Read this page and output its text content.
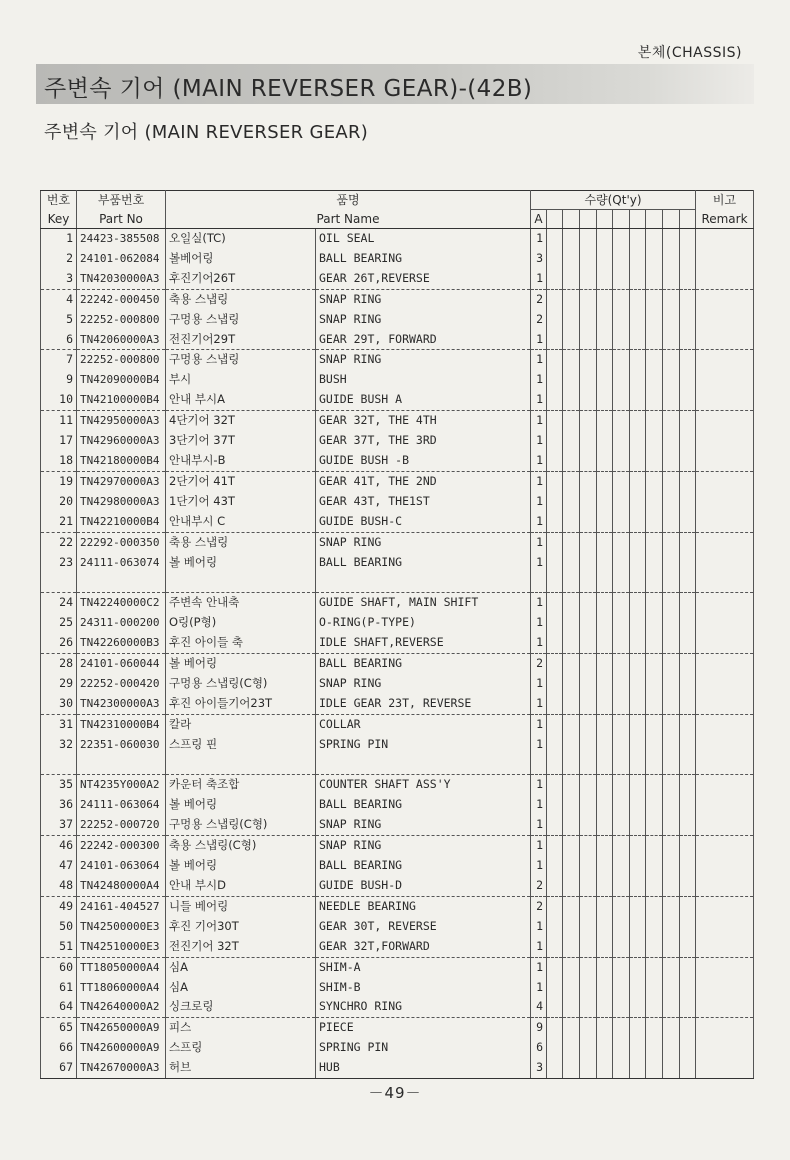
본체(CHASSIS)
주변속 기어 (MAIN REVERSER GEAR)-(42B)
주변속 기어 (MAIN REVERSER GEAR)
번호	부품번호	품명		수량(Qt'y)										비고
Key	Part No	Part Name		A										Remark
1	24423-385508	오일실(TC)	OIL SEAL	1										
2	24101-062084	볼베어링	BALL BEARING	3										
3	TN42030000A3	후진기어26T	GEAR 26T,REVERSE	1										
4	22242-000450	축용 스냅링	SNAP RING	2										
5	22252-000800	구멍용 스냅링	SNAP RING	2										
6	TN42060000A3	전진기어29T	GEAR 29T, FORWARD	1										
7	22252-000800	구멍용 스냅링	SNAP RING	1										
9	TN42090000B4	부시	BUSH	1										
10	TN42100000B4	안내 부시A	GUIDE BUSH A	1										
11	TN42950000A3	4단기어 32T	GEAR 32T, THE 4TH	1										
17	TN42960000A3	3단기어 37T	GEAR 37T, THE 3RD	1										
18	TN42180000B4	안내부시-B	GUIDE BUSH -B	1										
19	TN42970000A3	2단기어 41T	GEAR 41T, THE 2ND	1										
20	TN42980000A3	1단기어 43T	GEAR 43T, THE1ST	1										
21	TN42210000B4	안내부시 C	GUIDE BUSH-C	1										
22	22292-000350	축용 스냅링	SNAP RING	1										
23	24111-063074	볼 베어링	BALL BEARING	1										

24	TN42240000C2	주변속 안내축	GUIDE SHAFT, MAIN SHIFT	1										
25	24311-000200	O링(P형)	O-RING(P-TYPE)	1										
26	TN42260000B3	후진 아이들 축	IDLE SHAFT,REVERSE	1										
28	24101-060044	볼 베어링	BALL BEARING	2										
29	22252-000420	구멍용 스냅링(C형)	SNAP RING	1										
30	TN42300000A3	후진 아이들기어23T	IDLE GEAR 23T, REVERSE	1										
31	TN42310000B4	칼라	COLLAR	1										
32	22351-060030	스프링 핀	SPRING PIN	1										

35	NT4235Y000A2	카운터 축조합	COUNTER SHAFT ASS'Y	1										
36	24111-063064	볼 베어링	BALL BEARING	1										
37	22252-000720	구멍용 스냅링(C형)	SNAP RING	1										
46	22242-000300	축용 스냅링(C형)	SNAP RING	1										
47	24101-063064	볼 베어링	BALL BEARING	1										
48	TN42480000A4	안내 부시D	GUIDE BUSH-D	2										
49	24161-404527	니들 베어링	NEEDLE BEARING	2										
50	TN42500000E3	후진 기어30T	GEAR 30T, REVERSE	1										
51	TN42510000E3	전진기어 32T	GEAR 32T,FORWARD	1										
60	TT18050000A4	심A	SHIM-A	1										
61	TT18060000A4	심A	SHIM-B	1										
64	TN42640000A2	싱크로링	SYNCHRO RING	4										
65	TN42650000A9	피스	PIECE	9										
66	TN42600000A9	스프링	SPRING PIN	6										
67	TN42670000A3	허브	HUB	3										
－49－
